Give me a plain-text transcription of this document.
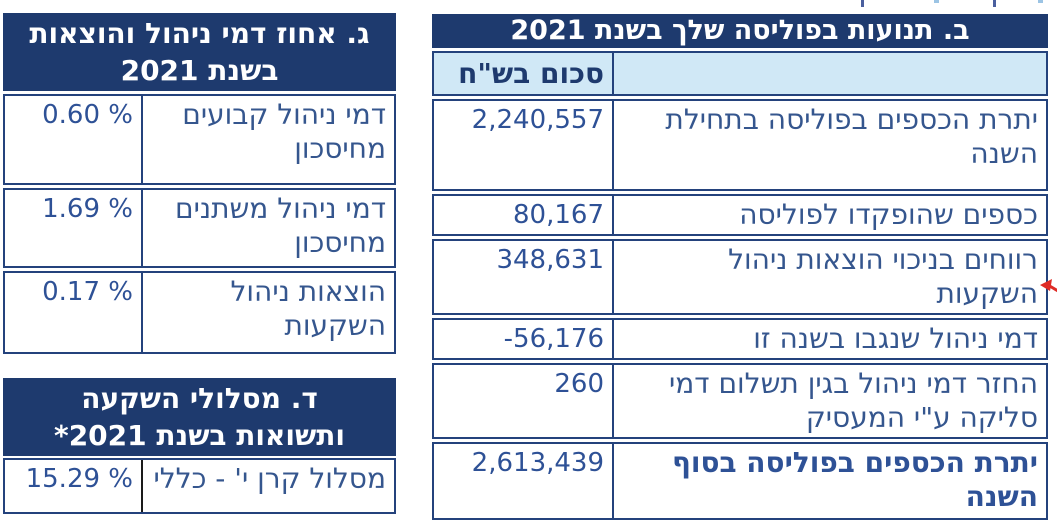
ב. תנועות בפוליסה שלך בשנת 2021
סכום בש"ח
יתרת הכספים בפוליסה בתחילת השנה
2,240,557
כספים שהופקדו לפוליסה
80,167
רווחים בניכוי הוצאות ניהול השקעות
348,631
דמי ניהול שנגבו בשנה זו
-56,176
החזר דמי ניהול בגין תשלום דמי סליקה ע"י המעסיק
260
יתרת הכספים בפוליסה בסוף השנה
2,613,439
ג. אחוז דמי ניהול והוצאות
בשנת 2021
דמי ניהול קבועים מחיסכון
0.60 %
דמי ניהול משתנים מחיסכון
1.69 %
הוצאות ניהול השקעות
0.17 %
ד. מסלולי השקעה
ותשואות בשנת 2021*
מסלול קרן י' - כללי
15.29 %
